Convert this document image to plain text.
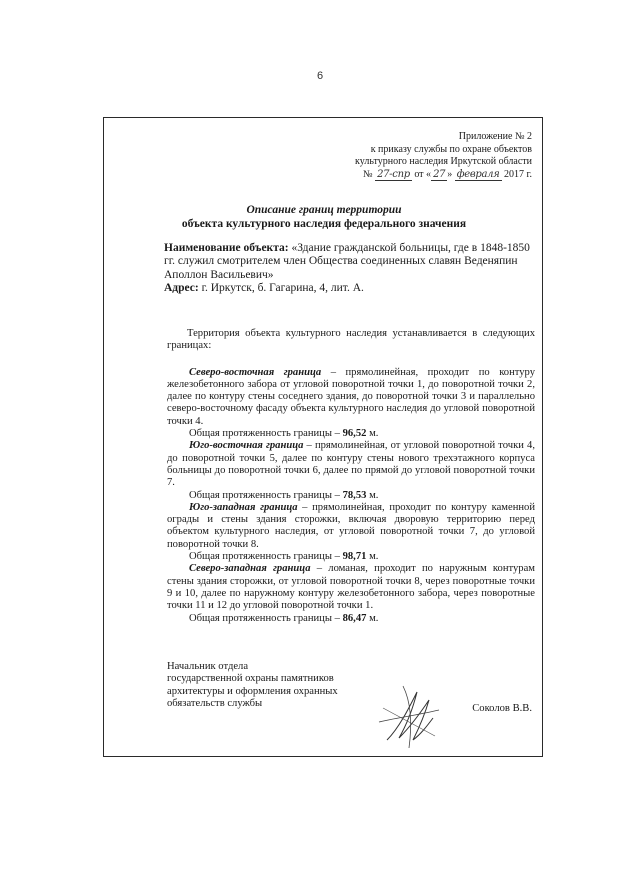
6
Приложение № 2
к приказу службы по охране объектов
культурного наследия Иркутской области
№ 27-спр от « 27 » февраля 2017 г.
Описание границ территории
объекта культурного наследия федерального значения
Наименование объекта: «Здание гражданской больницы, где в 1848-1850 гг. служил смотрителем член Общества соединенных славян Веденяпин Аполлон Васильевич»
Адрес: г. Иркутск, б. Гагарина, 4, лит. А.

Территория объекта культурного наследия устанавливается в следующих границах:

Северо-восточная граница – прямолинейная, проходит по контуру железобетонного забора от угловой поворотной точки 1, до поворотной точки 2, далее по контуру стены соседнего здания, до поворотной точки 3 и параллельно северо-восточному фасаду объекта культурного наследия до угловой поворотной точки 4.

Общая протяженность границы – 96,52 м.

Юго-восточная граница – прямолинейная, от угловой поворотной точки 4, до поворотной точки 5, далее по контуру стены нового трехэтажного корпуса больницы до поворотной точки 6, далее по прямой до угловой поворотной точки 7.

Общая протяженность границы – 78,53 м.

Юго-западная граница – прямолинейная, проходит по контуру каменной ограды и стены здания сторожки, включая дворовую территорию перед объектом культурного наследия, от угловой поворотной точки 7, до угловой поворотной точки 8.

Общая протяженность границы – 98,71 м.

Северо-западная граница – ломаная, проходит по наружным контурам стены здания сторожки, от угловой поворотной точки 8, через поворотные точки 9 и 10, далее по наружному контуру железобетонного забора, через поворотные точки 11 и 12 до угловой поворотной точки 1.

Общая протяженность границы – 86,47 м.

Начальник отдела
государственной охраны памятников
архитектуры и оформления охранных
обязательств службы	Соколов В.В.
